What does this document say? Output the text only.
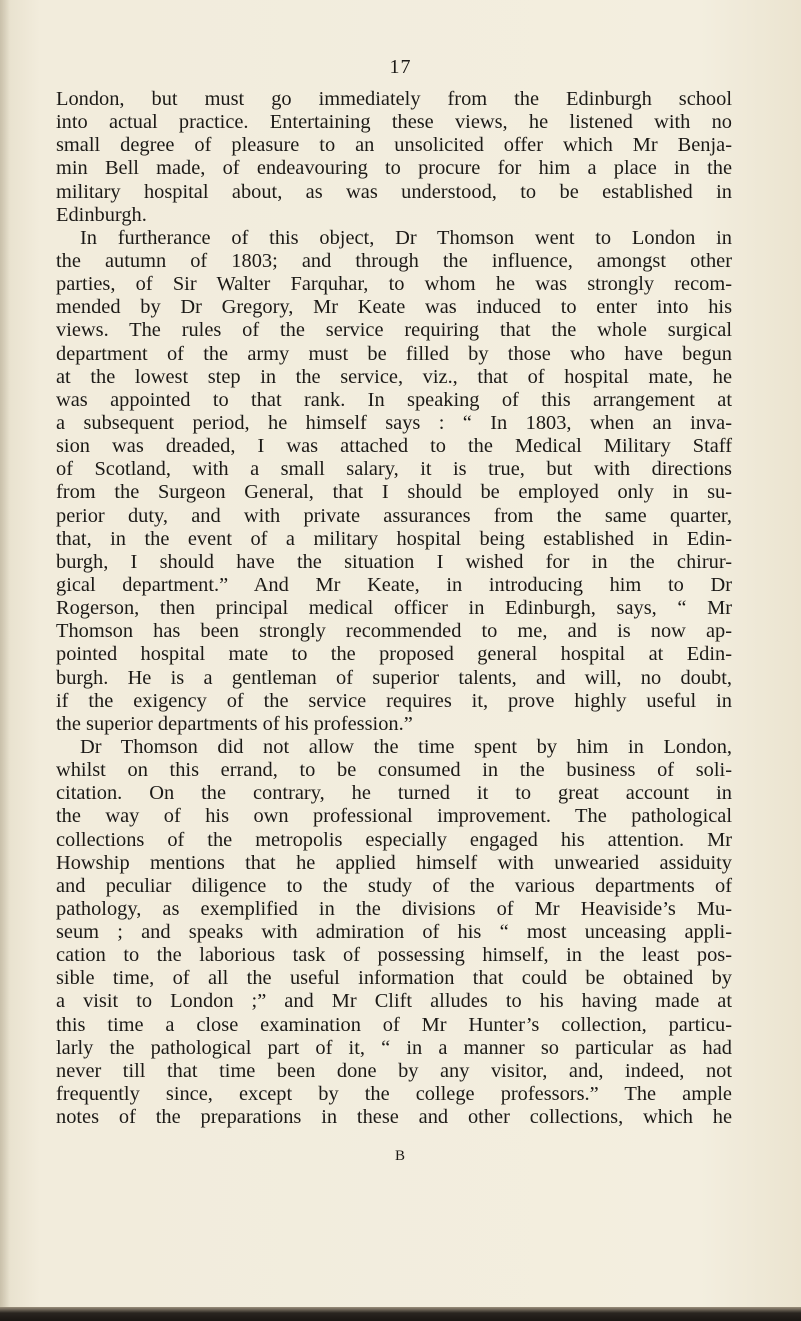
17
London, but must go immediately from the Edinburgh school
into actual practice. Entertaining these views, he listened with no
small degree of pleasure to an unsolicited offer which Mr Benja-
min Bell made, of endeavouring to procure for him a place in the
military hospital about, as was understood, to be established in
Edinburgh.
In furtherance of this object, Dr Thomson went to London in
the autumn of 1803; and through the influence, amongst other
parties, of Sir Walter Farquhar, to whom he was strongly recom-
mended by Dr Gregory, Mr Keate was induced to enter into his
views. The rules of the service requiring that the whole surgical
department of the army must be filled by those who have begun
at the lowest step in the service, viz., that of hospital mate, he
was appointed to that rank. In speaking of this arrangement at
a subsequent period, he himself says : “ In 1803, when an inva-
sion was dreaded, I was attached to the Medical Military Staff
of Scotland, with a small salary, it is true, but with directions
from the Surgeon General, that I should be employed only in su-
perior duty, and with private assurances from the same quarter,
that, in the event of a military hospital being established in Edin-
burgh, I should have the situation I wished for in the chirur-
gical department.” And Mr Keate, in introducing him to Dr
Rogerson, then principal medical officer in Edinburgh, says, “ Mr
Thomson has been strongly recommended to me, and is now ap-
pointed hospital mate to the proposed general hospital at Edin-
burgh. He is a gentleman of superior talents, and will, no doubt,
if the exigency of the service requires it, prove highly useful in
the superior departments of his profession.”
Dr Thomson did not allow the time spent by him in London,
whilst on this errand, to be consumed in the business of soli-
citation. On the contrary, he turned it to great account in
the way of his own professional improvement. The pathological
collections of the metropolis especially engaged his attention. Mr
Howship mentions that he applied himself with unwearied assiduity
and peculiar diligence to the study of the various departments of
pathology, as exemplified in the divisions of Mr Heaviside’s Mu-
seum ; and speaks with admiration of his “ most unceasing appli-
cation to the laborious task of possessing himself, in the least pos-
sible time, of all the useful information that could be obtained by
a visit to London ;” and Mr Clift alludes to his having made at
this time a close examination of Mr Hunter’s collection, particu-
larly the pathological part of it, “ in a manner so particular as had
never till that time been done by any visitor, and, indeed, not
frequently since, except by the college professors.” The ample
notes of the preparations in these and other collections, which he
B
